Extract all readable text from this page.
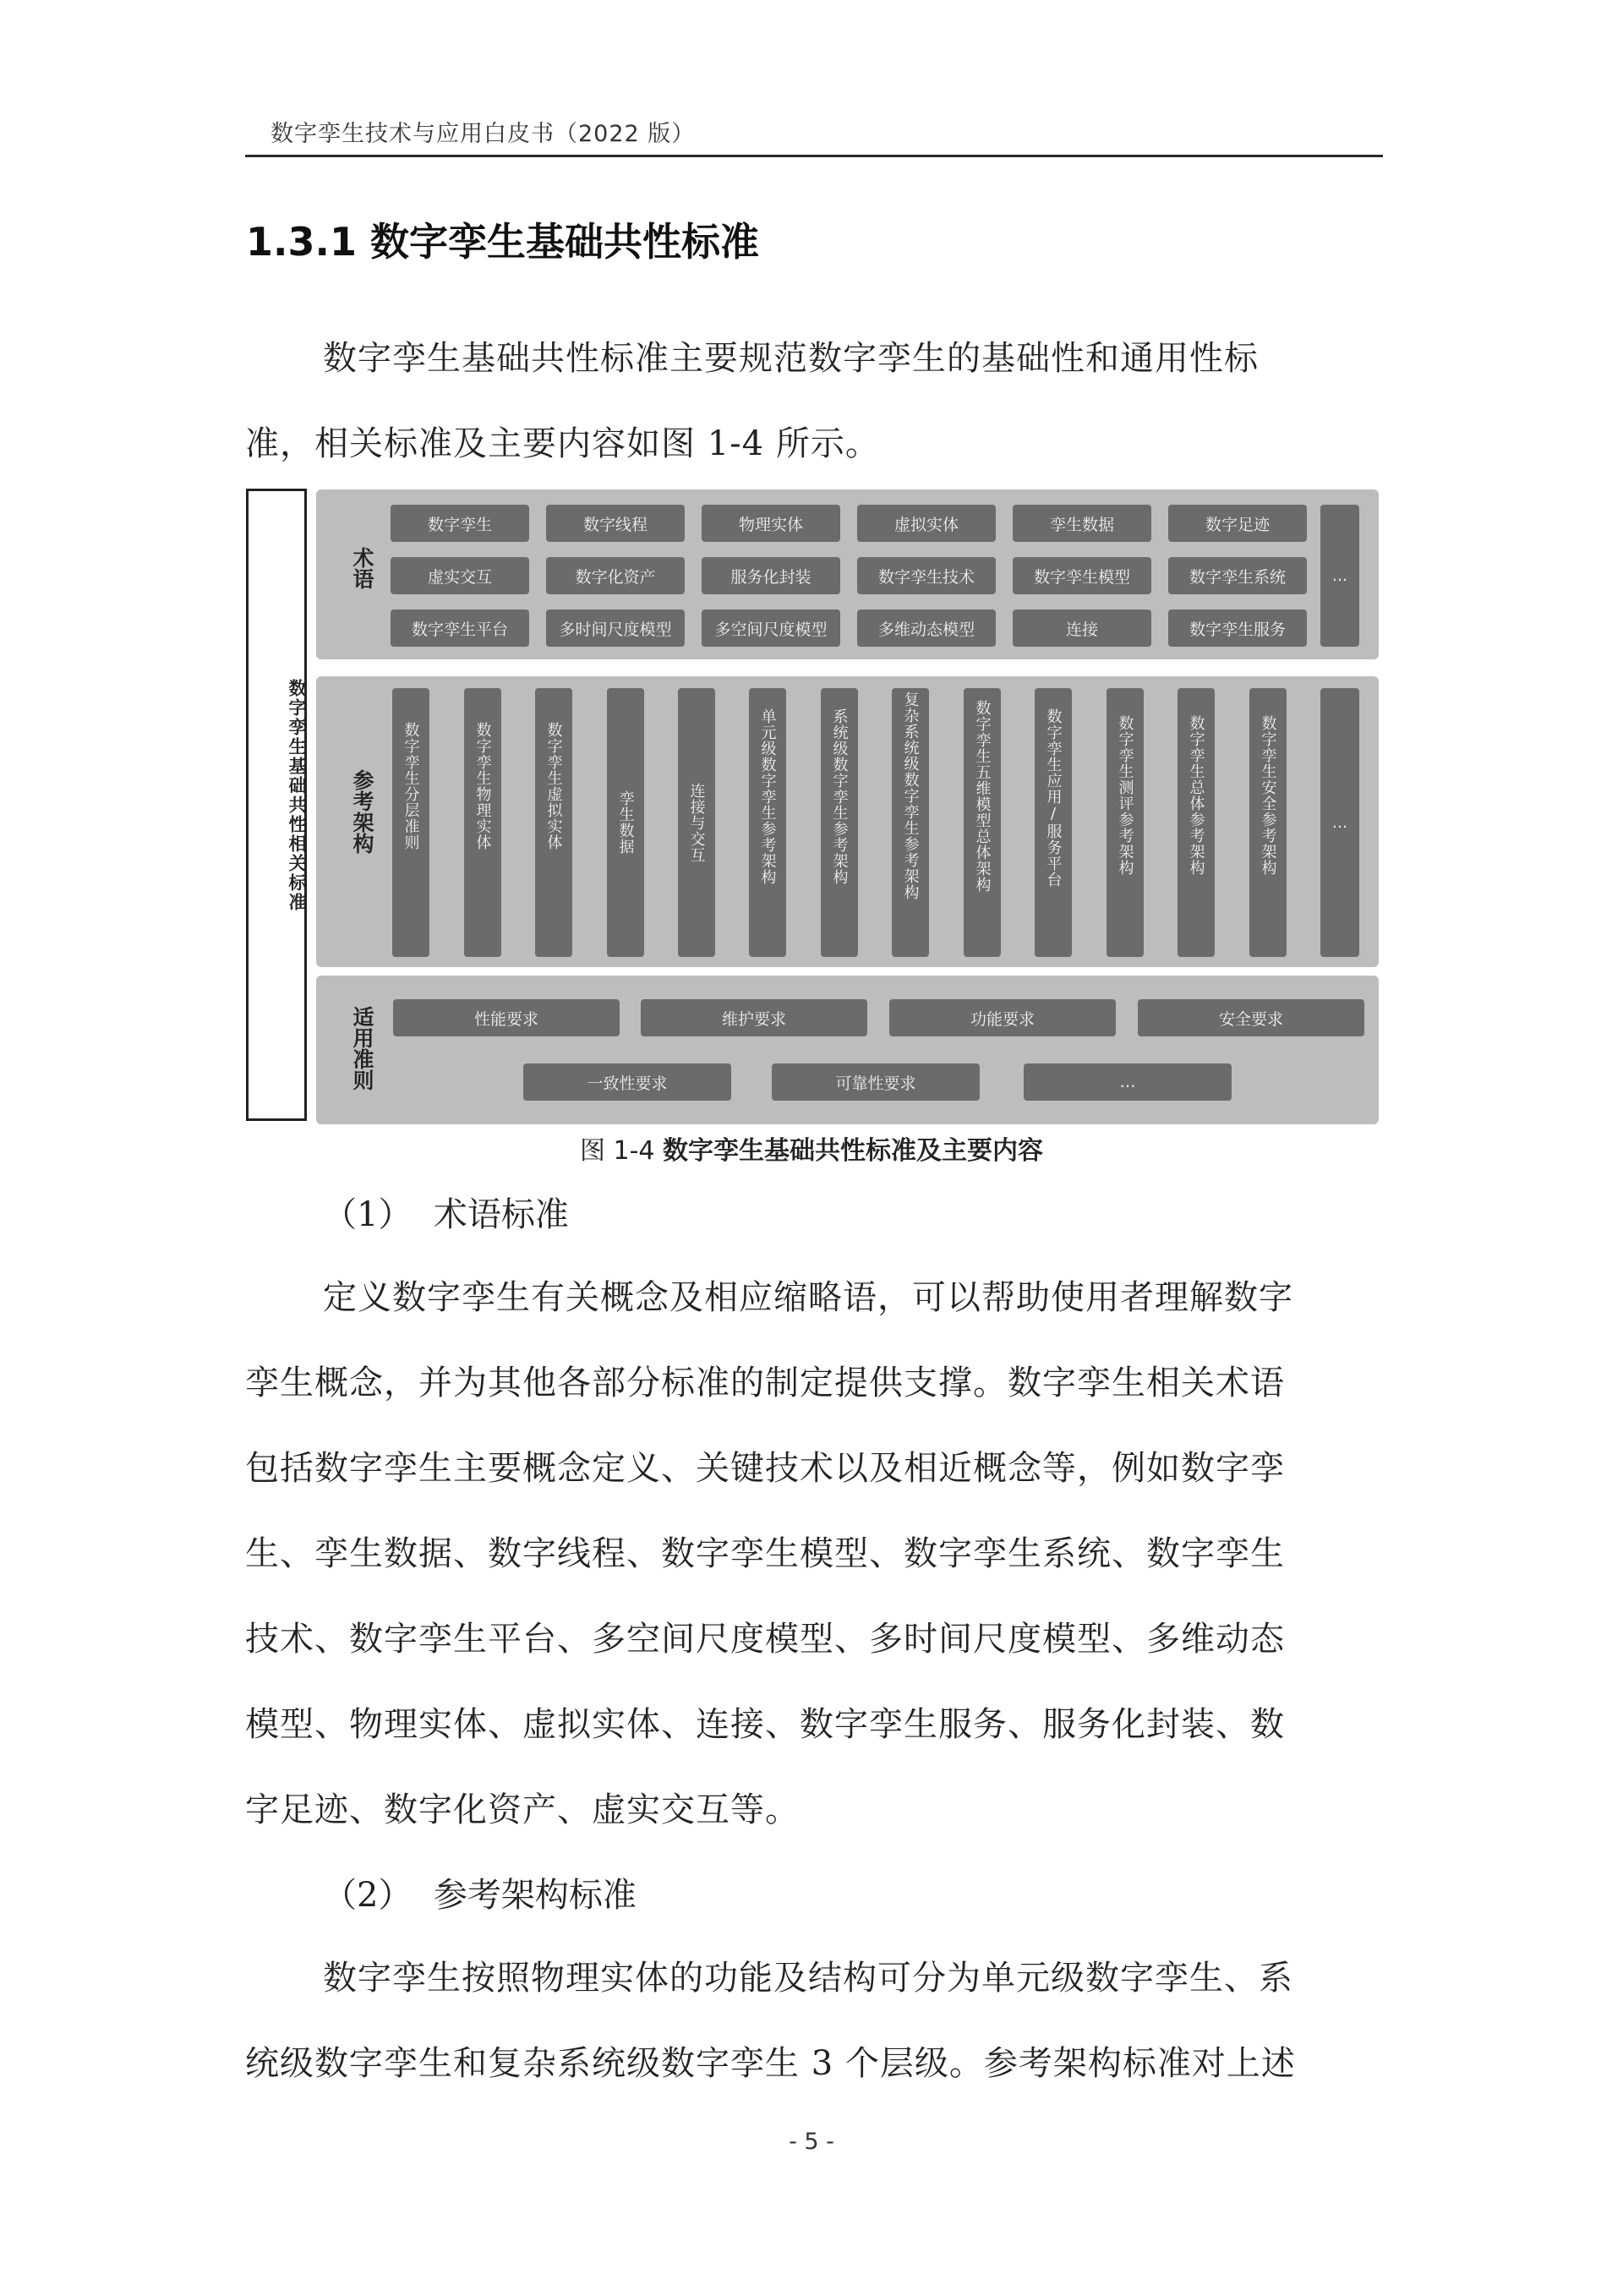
数字孪生技术与应用白皮书（2022 版）
1.3.1 数字孪生基础共性标准
数字孪生基础共性标准主要规范数字孪生的基础性和通用性标
准，相关标准及主要内容如图 1-4 所示。
数字孪生基础共性相关标准
术语
数字孪生	数字线程	物理实体	虚拟实体	孪生数据	数字足迹
虚实交互	数字化资产	服务化封装	数字孪生技术	数字孪生模型	数字孪生系统
数字孪生平台	多时间尺度模型	多空间尺度模型	多维动态模型	连接	数字孪生服务
…
参考架构 数字孪生分层准则	数字孪生物理实体	数字孪生虚拟实体	孪生数据	连接与交互	单元级数字孪生参考架构	系统级数字孪生参考架构	复杂系统级数字孪生参考架构	数字孪生五维模型总体架构	数字孪生应用/服务平台	数字孪生测评参考架构	数字孪生总体参考架构	数字孪生安全参考架构	…
适用准则	性能要求	维护要求	功能要求	安全要求
一致性要求	可靠性要求	…
图 1-4 数字孪生基础共性标准及主要内容
（1）  术语标准
定义数字孪生有关概念及相应缩略语，可以帮助使用者理解数字
孪生概念，并为其他各部分标准的制定提供支撑。数字孪生相关术语
包括数字孪生主要概念定义、关键技术以及相近概念等，例如数字孪
生、孪生数据、数字线程、数字孪生模型、数字孪生系统、数字孪生
技术、数字孪生平台、多空间尺度模型、多时间尺度模型、多维动态
模型、物理实体、虚拟实体、连接、数字孪生服务、服务化封装、数
字足迹、数字化资产、虚实交互等。
（2）  参考架构标准
数字孪生按照物理实体的功能及结构可分为单元级数字孪生、系
统级数字孪生和复杂系统级数字孪生 3 个层级。参考架构标准对上述
- 5 -
